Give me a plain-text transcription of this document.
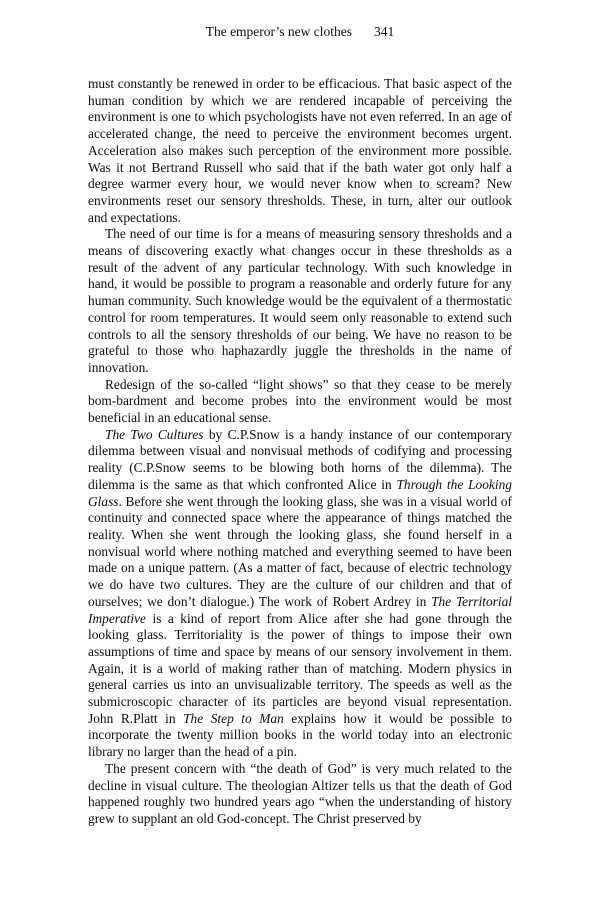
The emperor’s new clothes 341

must constantly be renewed in order to be efficacious. That basic aspect of the human condition by which we are rendered incapable of perceiving the environment is one to which psychologists have not even referred. In an age of accelerated change, the need to perceive the environment becomes urgent. Acceleration also makes such perception of the environment more possible. Was it not Bertrand Russell who said that if the bath water got only half a degree warmer every hour, we would never know when to scream? New environments reset our sensory thresholds. These, in turn, alter our outlook and expectations.

The need of our time is for a means of measuring sensory thresholds and a means of discovering exactly what changes occur in these thresholds as a result of the advent of any particular technology. With such knowledge in hand, it would be possible to program a reasonable and orderly future for any human community. Such knowledge would be the equivalent of a thermostatic control for room temperatures. It would seem only reasonable to extend such controls to all the sensory thresholds of our being. We have no reason to be grateful to those who haphazardly juggle the thresholds in the name of innovation.

Redesign of the so-called “light shows” so that they cease to be merely bom-bardment and become probes into the environment would be most beneficial in an educational sense.

The Two Cultures by C.P.Snow is a handy instance of our contemporary dilemma between visual and nonvisual methods of codifying and processing reality (C.P.Snow seems to be blowing both horns of the dilemma). The dilemma is the same as that which confronted Alice in Through the Looking Glass. Before she went through the looking glass, she was in a visual world of continuity and connected space where the appearance of things matched the reality. When she went through the looking glass, she found herself in a nonvisual world where nothing matched and everything seemed to have been made on a unique pattern. (As a matter of fact, because of electric technology we do have two cultures. They are the culture of our children and that of ourselves; we don’t dialogue.) The work of Robert Ardrey in The Territorial Imperative is a kind of report from Alice after she had gone through the looking glass. Territoriality is the power of things to impose their own assumptions of time and space by means of our sensory involvement in them. Again, it is a world of making rather than of matching. Modern physics in general carries us into an unvisualizable territory. The speeds as well as the submicroscopic character of its particles are beyond visual representation. John R.Platt in The Step to Man explains how it would be possible to incorporate the twenty million books in the world today into an electronic library no larger than the head of a pin.

The present concern with “the death of God” is very much related to the decline in visual culture. The theologian Altizer tells us that the death of God happened roughly two hundred years ago “when the understanding of history grew to supplant an old God-concept. The Christ preserved by
